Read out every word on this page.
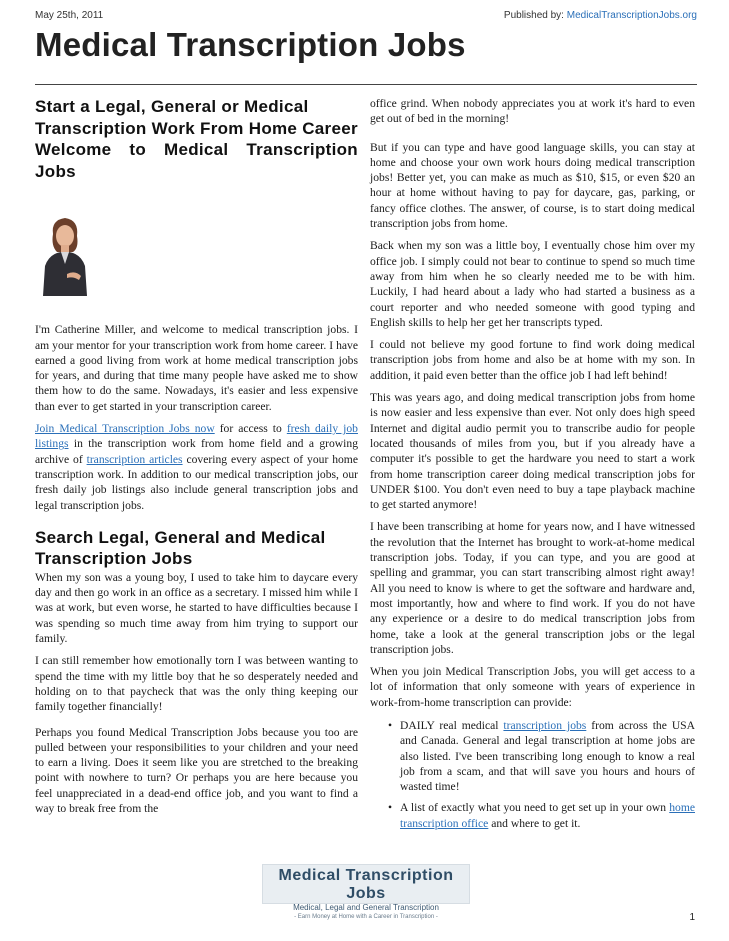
May 25th, 2011	Published by: MedicalTranscriptionJobs.org
Medical Transcription Jobs
Start a Legal, General or Medical Transcription Work From Home Career
Welcome to Medical Transcription Jobs

I'm Catherine Miller, and welcome to medical transcription jobs. I am your mentor for your transcription work from home career. I have earned a good living from work at home medical transcription jobs for years, and during that time many people have asked me to show them how to do the same. Nowadays, it's easier and less expensive than ever to get started in your transcription career.

Join Medical Transcription Jobs now for access to fresh daily job listings in the transcription work from home field and a growing archive of transcription articles covering every aspect of your home transcription work. In addition to our medical transcription jobs, our fresh daily job listings also include general transcription jobs and legal transcription jobs.

Search Legal, General and Medical Transcription Jobs

When my son was a young boy, I used to take him to daycare every day and then go work in an office as a secretary. I missed him while I was at work, but even worse, he started to have difficulties because I was spending so much time away from him trying to support our family.

I can still remember how emotionally torn I was between wanting to spend the time with my little boy that he so desperately needed and holding on to that paycheck that was the only thing keeping our family together financially!

Perhaps you found Medical Transcription Jobs because you too are pulled between your responsibilities to your children and your need to earn a living. Does it seem like you are stretched to the breaking point with nowhere to turn? Or perhaps you are here because you feel unappreciated in a dead-end office job, and you want to find a way to break free from the

office grind. When nobody appreciates you at work it's hard to even get out of bed in the morning!

But if you can type and have good language skills, you can stay at home and choose your own work hours doing medical transcription jobs! Better yet, you can make as much as $10, $15, or even $20 an hour at home without having to pay for daycare, gas, parking, or fancy office clothes. The answer, of course, is to start doing medical transcription jobs from home.

Back when my son was a little boy, I eventually chose him over my office job. I simply could not bear to continue to spend so much time away from him when he so clearly needed me to be with him. Luckily, I had heard about a lady who had started a business as a court reporter and who needed someone with good typing and English skills to help her get her transcripts typed.

I could not believe my good fortune to find work doing medical transcription jobs from home and also be at home with my son. In addition, it paid even better than the office job I had left behind!

This was years ago, and doing medical transcription jobs from home is now easier and less expensive than ever. Not only does high speed Internet and digital audio permit you to transcribe audio for people located thousands of miles from you, but if you already have a computer it's possible to get the hardware you need to start a work from home transcription career doing medical transcription jobs for UNDER $100. You don't even need to buy a tape playback machine to get started anymore!

I have been transcribing at home for years now, and I have witnessed the revolution that the Internet has brought to work-at-home medical transcription jobs. Today, if you can type, and you are good at spelling and grammar, you can start transcribing almost right away! All you need to know is where to get the software and hardware and, most importantly, how and where to find work. If you do not have any experience or a desire to do medical transcription jobs from home, take a look at the general transcription jobs or the legal transcription jobs.

When you join Medical Transcription Jobs, you will get access to a lot of information that only someone with years of experience in work-from-home transcription can provide:

• DAILY real medical transcription jobs from across the USA and Canada. General and legal transcription at home jobs are also listed. I've been transcribing long enough to know a real job from a scam, and that will save you hours and hours of wasted time!
• A list of exactly what you need to get set up in your own home transcription office and where to get it.
Medical Transcription Jobs
Medical, Legal and General Transcription
- Earn Money at Home with a Career in Transcription -	1
